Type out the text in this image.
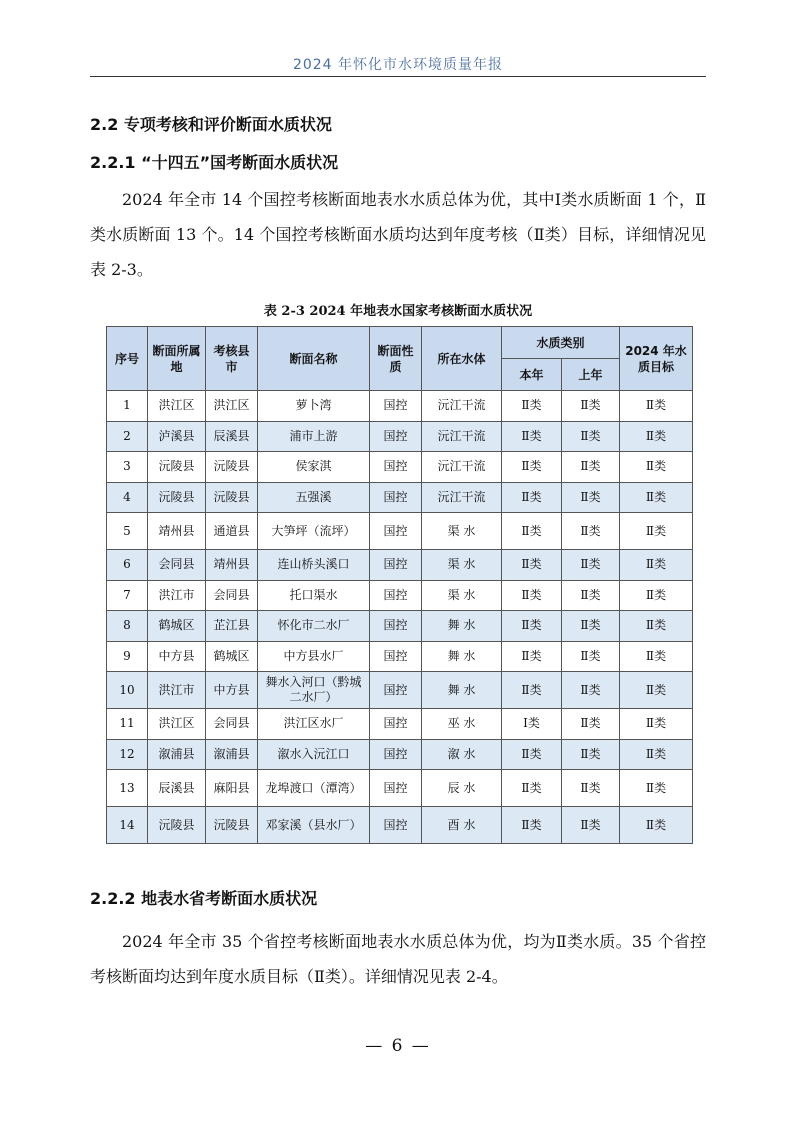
2024 年怀化市水环境质量年报
2.2 专项考核和评价断面水质状况
2.2.1 “十四五”国考断面水质状况

2024 年全市 14 个国控考核断面地表水水质总体为优，其中Ⅰ类水质断面 1 个，Ⅱ类水质断面 13 个。14 个国控考核断面水质均达到年度考核（Ⅱ类）目标，详细情况见表 2-3。

表 2-3 2024 年地表水国家考核断面水质状况
序号	断面所属地	考核县市	断面名称	断面性质	所在水体	水质类别		2024 年水质目标
						本年	上年	
1	洪江区	洪江区	萝卜湾	国控	沅江干流	Ⅱ类	Ⅱ类	Ⅱ类
2	泸溪县	辰溪县	浦市上游	国控	沅江干流	Ⅱ类	Ⅱ类	Ⅱ类
3	沅陵县	沅陵县	侯家淇	国控	沅江干流	Ⅱ类	Ⅱ类	Ⅱ类
4	沅陵县	沅陵县	五强溪	国控	沅江干流	Ⅱ类	Ⅱ类	Ⅱ类
5	靖州县	通道县	大笋坪（流坪）	国控	渠 水	Ⅱ类	Ⅱ类	Ⅱ类
6	会同县	靖州县	连山桥头溪口	国控	渠 水	Ⅱ类	Ⅱ类	Ⅱ类
7	洪江市	会同县	托口渠水	国控	渠 水	Ⅱ类	Ⅱ类	Ⅱ类
8	鹤城区	芷江县	怀化市二水厂	国控	舞 水	Ⅱ类	Ⅱ类	Ⅱ类
9	中方县	鹤城区	中方县水厂	国控	舞 水	Ⅱ类	Ⅱ类	Ⅱ类
10	洪江市	中方县	舞水入河口（黔城二水厂）	国控	舞 水	Ⅱ类	Ⅱ类	Ⅱ类
11	洪江区	会同县	洪江区水厂	国控	巫 水	Ⅰ类	Ⅱ类	Ⅱ类
12	溆浦县	溆浦县	溆水入沅江口	国控	溆 水	Ⅱ类	Ⅱ类	Ⅱ类
13	辰溪县	麻阳县	龙埠渡口（潭湾）	国控	辰 水	Ⅱ类	Ⅱ类	Ⅱ类
14	沅陵县	沅陵县	邓家溪（县水厂）	国控	酉 水	Ⅱ类	Ⅱ类	Ⅱ类
2.2.2 地表水省考断面水质状况

2024 年全市 35 个省控考核断面地表水水质总体为优，均为Ⅱ类水质。35 个省控考核断面均达到年度水质目标（Ⅱ类）。详细情况见表 2-4。

— 6 —
